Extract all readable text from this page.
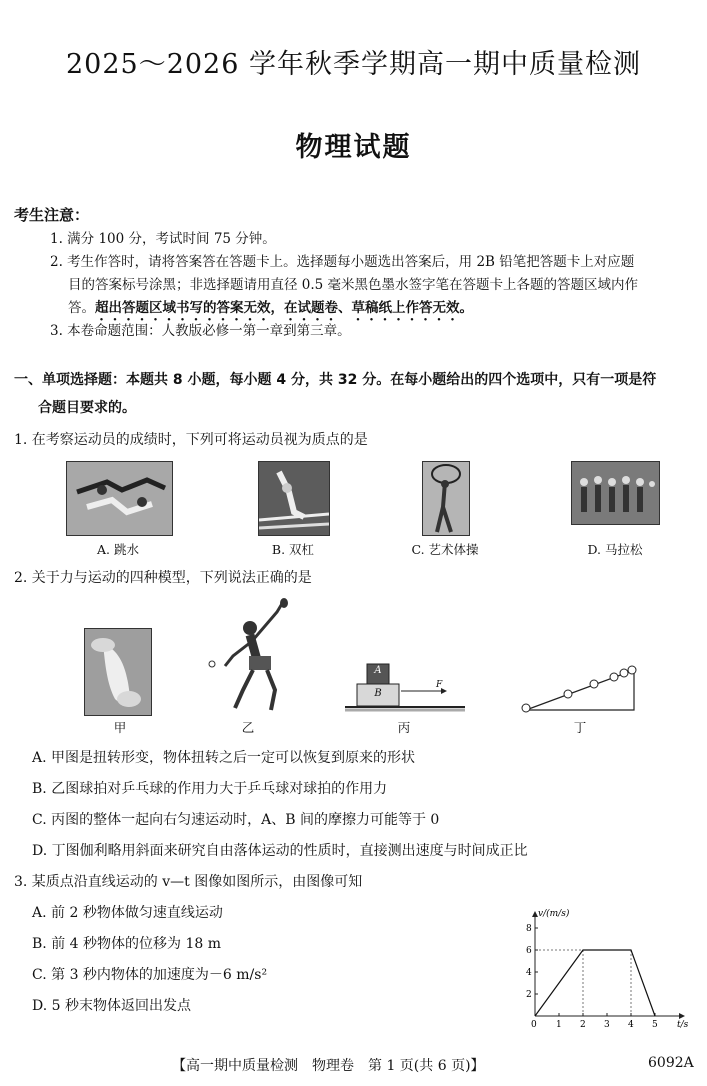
2025～2026 学年秋季学期高一期中质量检测
物理试题
考生注意：
1. 满分 100 分，考试时间 75 分钟。
2. 考生作答时，请将答案答在答题卡上。选择题每小题选出答案后，用 2B 铅笔把答题卡上对应题
目的答案标号涂黑；非选择题请用直径 0.5 毫米黑色墨水签字笔在答题卡上各题的答题区域内作
答。超出答题区域书写的答案无效，在试题卷、草稿纸上作答无效。
3. 本卷命题范围：人教版必修一第一章到第三章。
一、单项选择题：本题共 8 小题，每小题 4 分，共 32 分。在每小题给出的四个选项中，只有一项是符
合题目要求的。
1. 在考察运动员的成绩时，下列可将运动员视为质点的是
A. 跳水	B. 双杠	C. 艺术体操	D. 马拉松
2. 关于力与运动的四种模型，下列说法正确的是
A
B
F
甲	乙	丙	丁
A. 甲图是扭转形变，物体扭转之后一定可以恢复到原来的形状
B. 乙图球拍对乒乓球的作用力大于乒乓球对球拍的作用力
C. 丙图的整体一起向右匀速运动时，A、B 间的摩擦力可能等于 0
D. 丁图伽利略用斜面来研究自由落体运动的性质时，直接测出速度与时间成正比
3. 某质点沿直线运动的 v—t 图像如图所示，由图像可知
A. 前 2 秒物体做匀速直线运动
B. 前 4 秒物体的位移为 18 m
C. 第 3 秒内物体的加速度为－6 m/s²
D. 5 秒末物体返回出发点
0 1 2 3 4 5
2
4
6
8
v/(m/s)
t/s
【高一期中质量检测　物理卷　第 1 页(共 6 页)】	6092A
